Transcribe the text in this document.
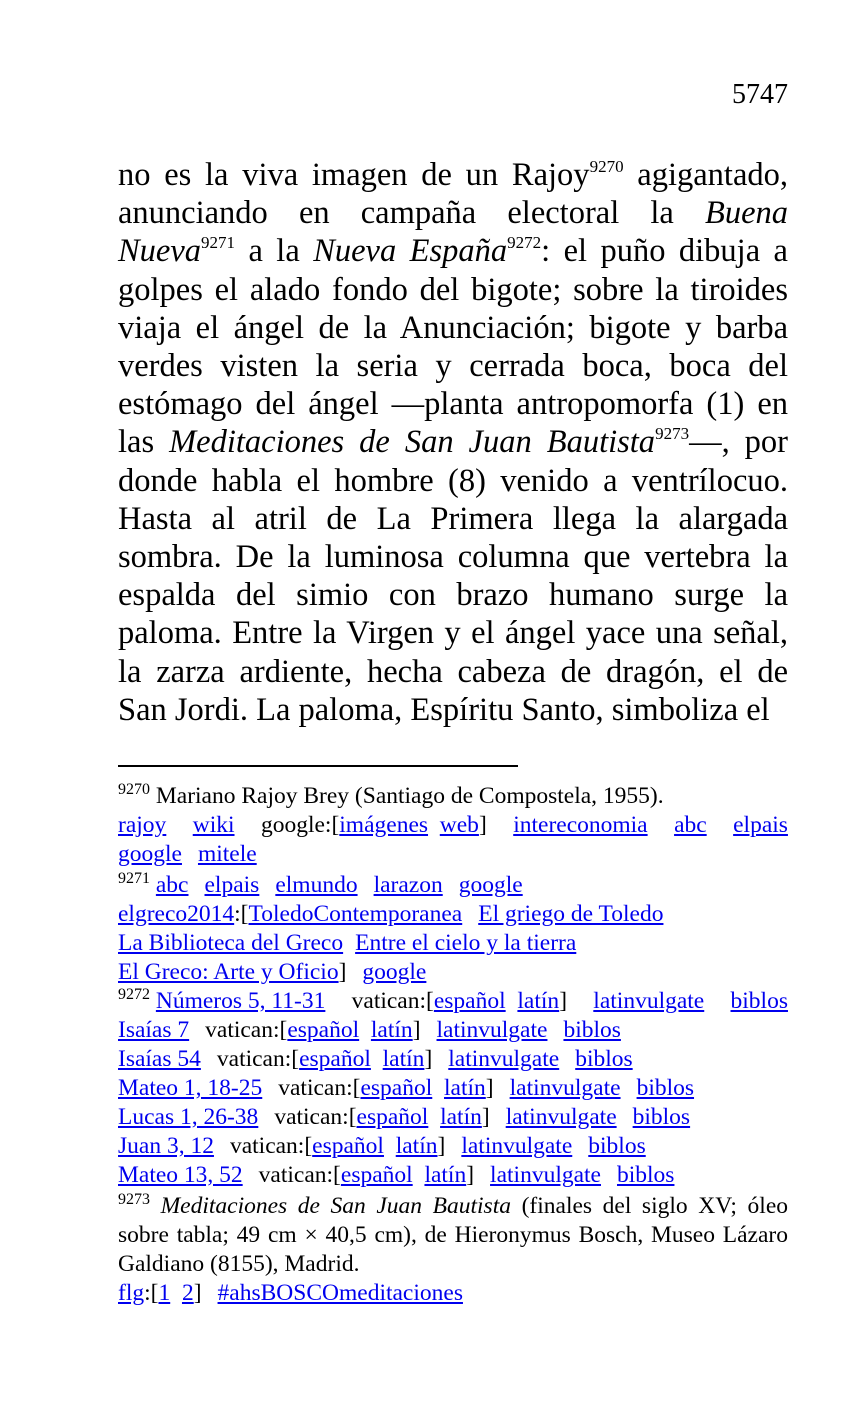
5747
no es la viva imagen de un Rajoy$^{9270}$ agigantado, anunciando en campaña electoral la Buena Nueva$^{9271}$ a la Nueva España$^{9272}$: el puño dibuja a golpes el alado fondo del bigote; sobre la tiroides viaja el ángel de la Anunciación; bigote y barba verdes visten la seria y cerrada boca, boca del estómago del ángel ―planta antropomorfa (1) en las Meditaciones de San Juan Bautista$^{9273}$―, por donde habla el hombre (8) venido a ventrílocuo. Hasta al atril de La Primera llega la alargada sombra. De la luminosa columna que vertebra la espalda del simio con brazo humano surge la paloma. Entre la Virgen y el ángel yace una señal, la zarza ardiente, hecha cabeza de dragón, el de San Jordi. La paloma, Espíritu Santo, simboliza el
$^{9270}$ Mariano Rajoy Brey (Santiago de Compostela, 1955).
rajoy wiki google:[imágenes web] intereconomia abc elpais
google mitele
$^{9271}$ abc elpais elmundo larazon google
elgreco2014:[ToledoContemporanea El griego de Toledo
La Biblioteca del Greco Entre el cielo y la tierra
El Greco: Arte y Oficio] google
$^{9272}$ Números 5, 11-31 vatican:[español latín] latinvulgate biblos
Isaías 7 vatican:[español latín] latinvulgate biblos
Isaías 54 vatican:[español latín] latinvulgate biblos
Mateo 1, 18-25 vatican:[español latín] latinvulgate biblos
Lucas 1, 26-38 vatican:[español latín] latinvulgate biblos
Juan 3, 12 vatican:[español latín] latinvulgate biblos
Mateo 13, 52 vatican:[español latín] latinvulgate biblos
$^{9273}$ Meditaciones de San Juan Bautista (finales del siglo XV; óleo sobre tabla; 49 cm × 40,5 cm), de Hieronymus Bosch, Museo Lázaro Galdiano (8155), Madrid.
flg:[1 2] #ahsBOSCOmeditaciones
